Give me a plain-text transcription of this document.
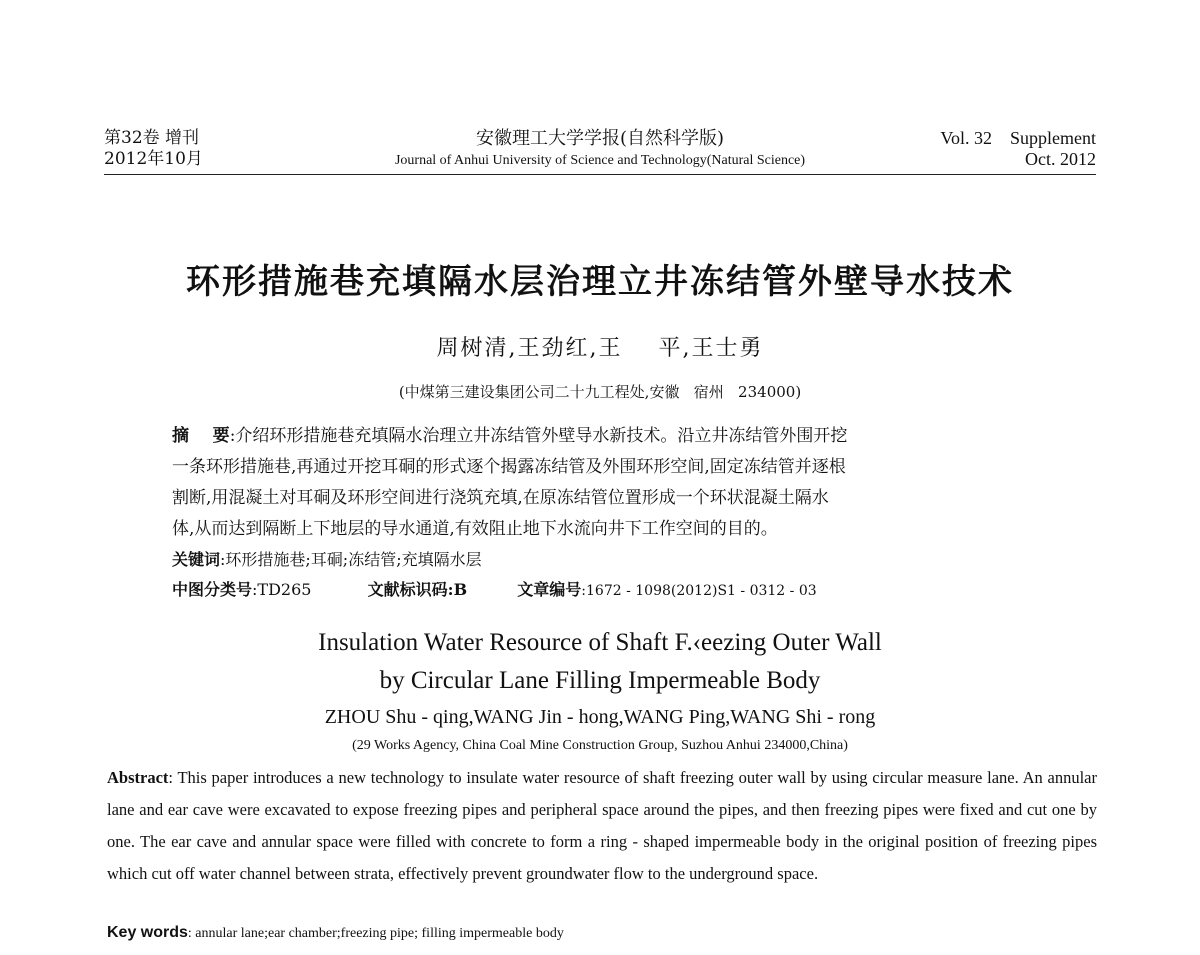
第32卷 增刊
2012年10月
安徽理工大学学报(自然科学版)
Journal of Anhui University of Science and Technology(Natural Science)
Vol. 32    Supplement
Oct. 2012
环形措施巷充填隔水层治理立井冻结管外壁导水技术
周树清,王劲红,王    平,王士勇
(中煤第三建设集团公司二十九工程处,安徽   宿州   234000)
摘    要:介绍环形措施巷充填隔水治理立井冻结管外壁导水新技术。沿立井冻结管外围开挖
一条环形措施巷,再通过开挖耳硐的形式逐个揭露冻结管及外围环形空间,固定冻结管并逐根
割断,用混凝土对耳硐及环形空间进行浇筑充填,在原冻结管位置形成一个环状混凝土隔水
体,从而达到隔断上下地层的导水通道,有效阻止地下水流向井下工作空间的目的。
关键词:环形措施巷;耳硐;冻结管;充填隔水层
中图分类号:TD265	文献标识码:B	文章编号:1672 - 1098(2012)S1 - 0312 - 03
Insulation Water Resource of Shaft F.‹eezing Outer Wall
by Circular Lane Filling Impermeable Body
ZHOU Shu - qing,WANG Jin - hong,WANG Ping,WANG Shi - rong
(29 Works Agency, China Coal Mine Construction Group, Suzhou Anhui 234000,China)
Abstract: This paper introduces a new technology to insulate water resource of shaft freezing outer wall by using circular measure lane. An annular lane and ear cave were excavated to expose freezing pipes and peripheral space around the pipes, and then freezing pipes were fixed and cut one by one. The ear cave and annular space were filled with concrete to form a ring - shaped impermeable body in the original position of freezing pipes which cut off water channel between strata, effectively prevent groundwater flow to the underground space.
Key words: annular lane;ear chamber;freezing pipe; filling impermeable body
